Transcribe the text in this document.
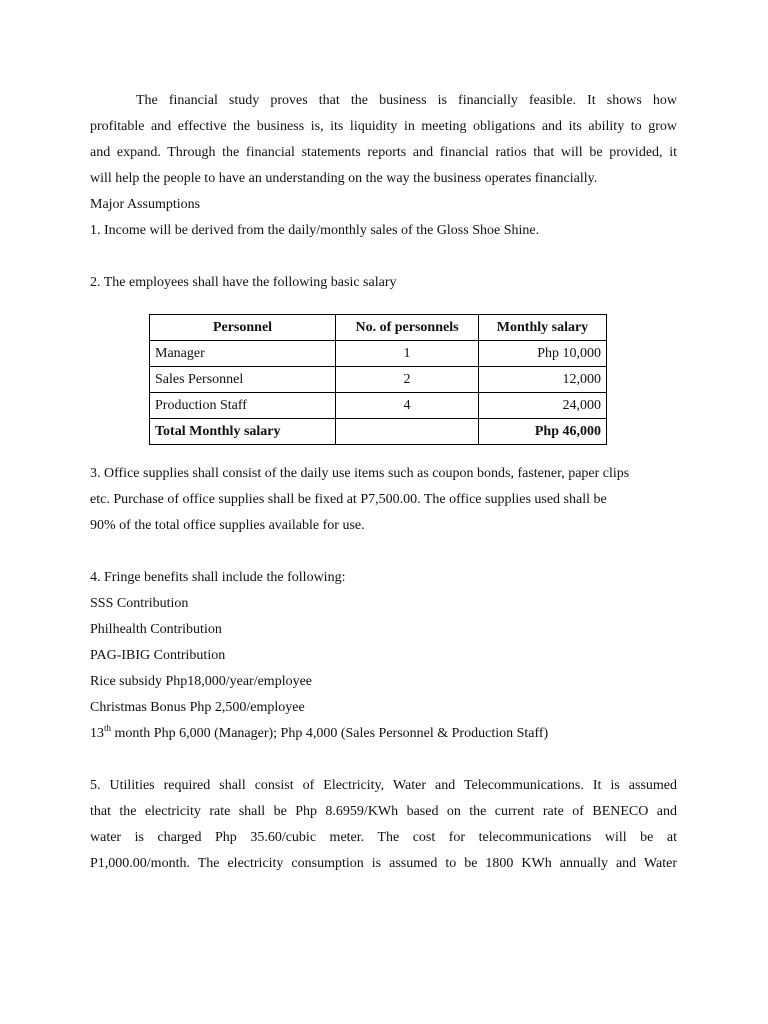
The financial study proves that the business is financially feasible. It shows how
profitable and effective the business is, its liquidity in meeting obligations and its ability to grow
and expand. Through the financial statements reports and financial ratios that will be provided, it
will help the people to have an understanding on the way the business operates financially.
Major Assumptions
1. Income will be derived from the daily/monthly sales of the Gloss Shoe Shine.
2. The employees shall have the following basic salary
Personnel	No. of personnels	Monthly salary
Manager	1	Php 10,000
Sales Personnel	2	12,000
Production Staff	4	24,000
Total Monthly salary		Php 46,000
3. Office supplies shall consist of the daily use items such as coupon bonds, fastener, paper clips
etc. Purchase of office supplies shall be fixed at P7,500.00. The office supplies used shall be
90% of the total office supplies available for use.
4. Fringe benefits shall include the following:
SSS Contribution
Philhealth Contribution
PAG-IBIG Contribution
Rice subsidy Php18,000/year/employee
Christmas Bonus Php 2,500/employee
13th month Php 6,000 (Manager); Php 4,000 (Sales Personnel & Production Staff)
5. Utilities required shall consist of Electricity, Water and Telecommunications. It is assumed
that the electricity rate shall be Php 8.6959/KWh based on the current rate of BENECO and
water is charged Php 35.60/cubic meter. The cost for telecommunications will be at
P1,000.00/month. The electricity consumption is assumed to be 1800 KWh annually and Water
